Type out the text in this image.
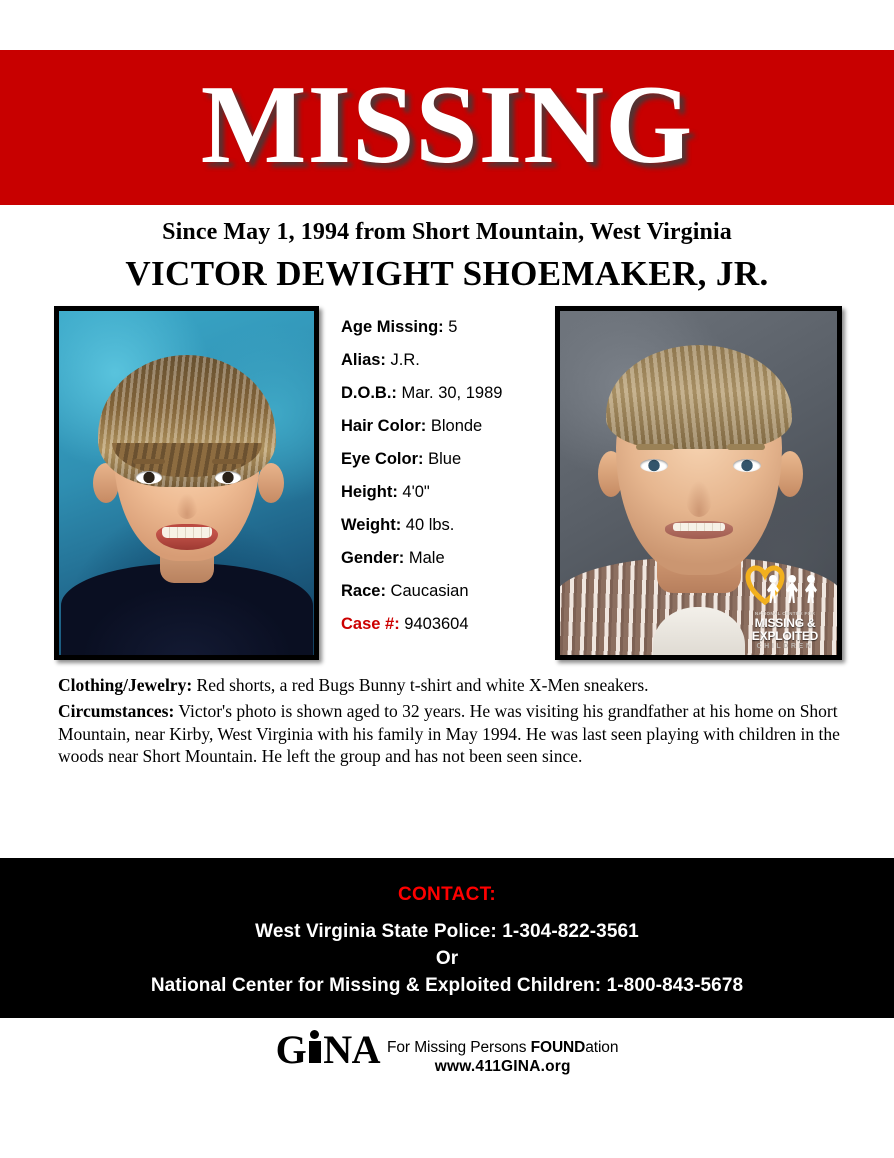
MISSING
Since May 1, 1994 from Short Mountain, West Virginia
VICTOR DEWIGHT SHOEMAKER, JR.
Age Missing: 5
Alias: J.R.
D.O.B.: Mar. 30, 1989
Hair Color: Blonde
Eye Color: Blue
Height: 4'0"
Weight: 40 lbs.
Gender: Male
Race: Caucasian
Case #: 9403604
NATIONAL CENTER FOR
MISSING &
EXPLOITED
CHILDREN

Clothing/Jewelry: Red shorts, a red Bugs Bunny t-shirt and white X-Men sneakers.

Circumstances: Victor's photo is shown aged to 32 years. He was visiting his grandfather at his home on Short Mountain, near Kirby, West Virginia with his family in May 1994. He was last seen playing with children in the woods near Short Mountain. He left the group and has not been seen since.

CONTACT:
West Virginia State Police: 1-304-822-3561
Or
National Center for Missing & Exploited Children: 1-800-843-5678
G NA For Missing Persons FOUNDation
www.411GINA.org
